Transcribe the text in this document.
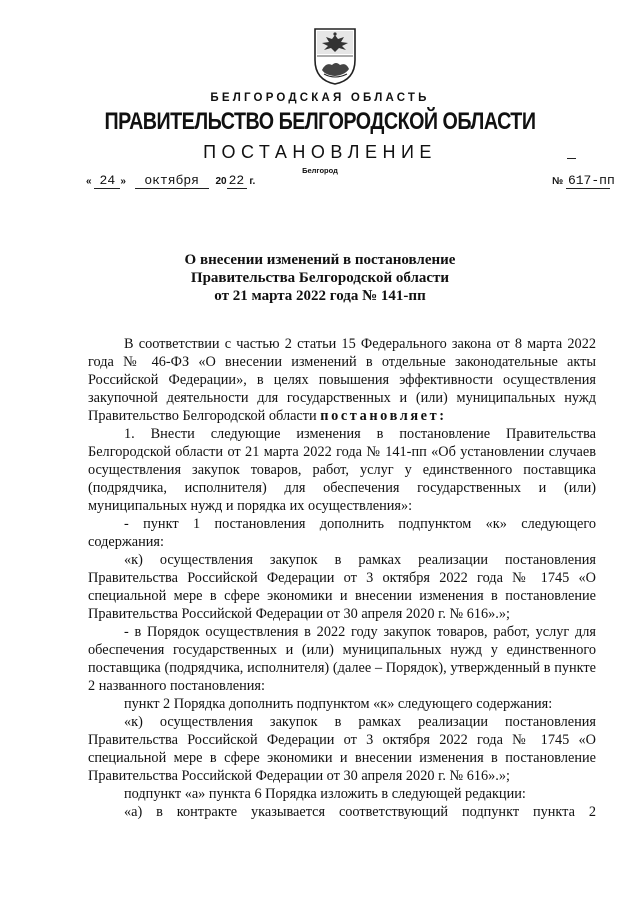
БЕЛГОРОДСКАЯ ОБЛАСТЬ
ПРАВИТЕЛЬСТВО БЕЛГОРОДСКОЙ ОБЛАСТИ
ПОСТАНОВЛЕНИЕ
Белгород
« 24 » октября 20 22 г.	№ 617-пп
О внесении изменений в постановление
Правительства Белгородской области
от 21 марта 2022 года № 141-пп

В соответствии с частью 2 статьи 15 Федерального закона от 8 марта 2022 года № 46-ФЗ «О внесении изменений в отдельные законодательные акты Российской Федерации», в целях повышения эффективности осуществления закупочной деятельности для государственных и (или) муниципальных нужд Правительство Белгородской области постановляет:

1. Внести следующие изменения в постановление Правительства Белгородской области от 21 марта 2022 года № 141-пп «Об установлении случаев осуществления закупок товаров, работ, услуг у единственного поставщика (подрядчика, исполнителя) для обеспечения государственных и (или) муниципальных нужд и порядка их осуществления»:

- пункт 1 постановления дополнить подпунктом «к» следующего содержания:

«к) осуществления закупок в рамках реализации постановления Правительства Российской Федерации от 3 октября 2022 года № 1745 «О специальной мере в сфере экономики и внесении изменения в постановление Правительства Российской Федерации от 30 апреля 2020 г. № 616».»;

- в Порядок осуществления в 2022 году закупок товаров, работ, услуг для обеспечения государственных и (или) муниципальных нужд у единственного поставщика (подрядчика, исполнителя) (далее – Порядок), утвержденный в пункте 2 названного постановления:

пункт 2 Порядка дополнить подпунктом «к» следующего содержания:

«к) осуществления закупок в рамках реализации постановления Правительства Российской Федерации от 3 октября 2022 года № 1745 «О специальной мере в сфере экономики и внесении изменения в постановление Правительства Российской Федерации от 30 апреля 2020 г. № 616».»;

подпункт «а» пункта 6 Порядка изложить в следующей редакции:

«а) в контракте указывается соответствующий подпункт пункта 2
